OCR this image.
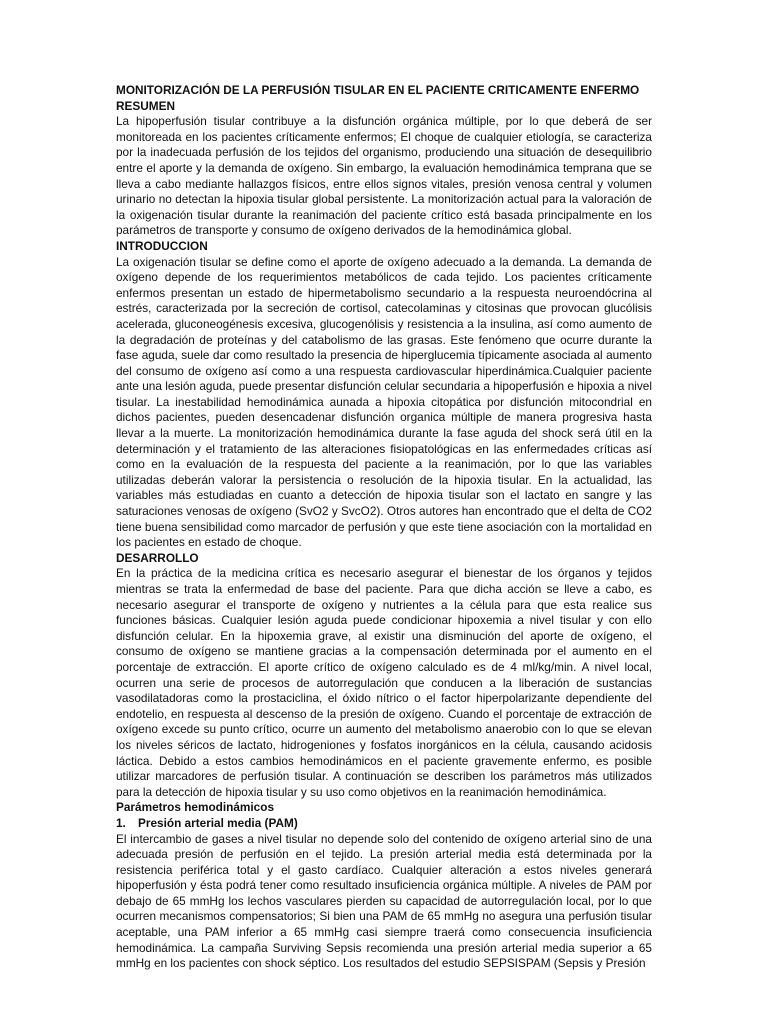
MONITORIZACIÓN DE LA PERFUSIÓN TISULAR EN EL PACIENTE CRITICAMENTE ENFERMO

RESUMEN

La hipoperfusión tisular contribuye a la disfunción orgánica múltiple, por lo que deberá de ser monitoreada en los pacientes críticamente enfermos; El choque de cualquier etiología, se caracteriza por la inadecuada perfusión de los tejidos del organismo, produciendo una situación de desequilibrio entre el aporte y la demanda de oxígeno. Sin embargo, la evaluación hemodinámica temprana que se lleva a cabo mediante hallazgos físicos, entre ellos signos vitales, presión venosa central y volumen urinario no detectan la hipoxia tisular global persistente. La monitorización actual para la valoración de la oxigenación tisular durante la reanimación del paciente crítico está basada principalmente en los parámetros de transporte y consumo de oxígeno derivados de la hemodinámica global.

INTRODUCCION

La oxigenación tisular se define como el aporte de oxígeno adecuado a la demanda. La demanda de oxígeno depende de los requerimientos metabólicos de cada tejido. Los pacientes críticamente enfermos presentan un estado de hipermetabolismo secundario a la respuesta neuroendócrina al estrés, caracterizada por la secreción de cortisol, catecolaminas y citosinas que provocan glucólisis acelerada, gluconeogénesis excesiva, glucogenólisis y resistencia a la insulina, así como aumento de la degradación de proteínas y del catabolismo de las grasas. Este fenómeno que ocurre durante la fase aguda, suele dar como resultado la presencia de hiperglucemia típicamente asociada al aumento del consumo de oxígeno así como a una respuesta cardiovascular hiperdinámica.Cualquier paciente ante una lesión aguda, puede presentar disfunción celular secundaria a hipoperfusión e hipoxia a nivel tisular. La inestabilidad hemodinámica aunada a hipoxia citopática por disfunción mitocondrial en dichos pacientes, pueden desencadenar disfunción organica múltiple de manera progresiva hasta llevar a la muerte. La monitorización hemodinámica durante la fase aguda del shock será útil en la determinación y el tratamiento de las alteraciones fisiopatológicas en las enfermedades críticas así como en la evaluación de la respuesta del paciente a la reanimación, por lo que las variables utilizadas deberán valorar la persistencia o resolución de la hipoxia tisular. En la actualidad, las variables más estudiadas en cuanto a detección de hipoxia tisular son el lactato en sangre y las saturaciones venosas de oxígeno (SvO2 y SvcO2). Otros autores han encontrado que el delta de CO2 tiene buena sensibilidad como marcador de perfusión y que este tiene asociación con la mortalidad en los pacientes en estado de choque.

DESARROLLO

En la práctica de la medicina crítica es necesario asegurar el bienestar de los órganos y tejidos mientras se trata la enfermedad de base del paciente. Para que dicha acción se lleve a cabo, es necesario asegurar el transporte de oxígeno y nutrientes a la célula para que esta realice sus funciones básicas. Cualquier lesión aguda puede condicionar hipoxemia a nivel tisular y con ello disfunción celular. En la hipoxemia grave, al existir una disminución del aporte de oxígeno, el consumo de oxígeno se mantiene gracias a la compensación determinada por el aumento en el porcentaje de extracción. El aporte crítico de oxígeno calculado es de 4 ml/kg/min. A nivel local, ocurren una serie de procesos de autorregulación que conducen a la liberación de sustancias vasodilatadoras como la prostaciclina, el óxido nítrico o el factor hiperpolarizante dependiente del endotelio, en respuesta al descenso de la presión de oxígeno. Cuando el porcentaje de extracción de oxígeno excede su punto crítico, ocurre un aumento del metabolismo anaerobio con lo que se elevan los niveles séricos de lactato, hidrogeniones y fosfatos inorgánicos en la célula, causando acidosis láctica. Debido a estos cambios hemodinámicos en el paciente gravemente enfermo, es posible utilizar marcadores de perfusión tisular. A continuación se describen los parámetros más utilizados para la detección de hipoxia tisular y su uso como objetivos en la reanimación hemodinámica.

Parámetros hemodinámicos

1. Presión arterial media (PAM)

El intercambio de gases a nivel tisular no depende solo del contenido de oxígeno arterial sino de una adecuada presión de perfusión en el tejido. La presión arterial media está determinada por la resistencia periférica total y el gasto cardíaco. Cualquier alteración a estos niveles generará hipoperfusión y ésta podrá tener como resultado insuficiencia orgánica múltiple. A niveles de PAM por debajo de 65 mmHg los lechos vasculares pierden su capacidad de autorregulación local, por lo que ocurren mecanismos compensatorios; Si bien una PAM de 65 mmHg no asegura una perfusión tisular aceptable, una PAM inferior a 65 mmHg casi siempre traerá como consecuencia insuficiencia hemodinámica. La campaña Surviving Sepsis recomienda una presión arterial media superior a 65 mmHg en los pacientes con shock séptico. Los resultados del estudio SEPSISPAM (Sepsis y Presión
